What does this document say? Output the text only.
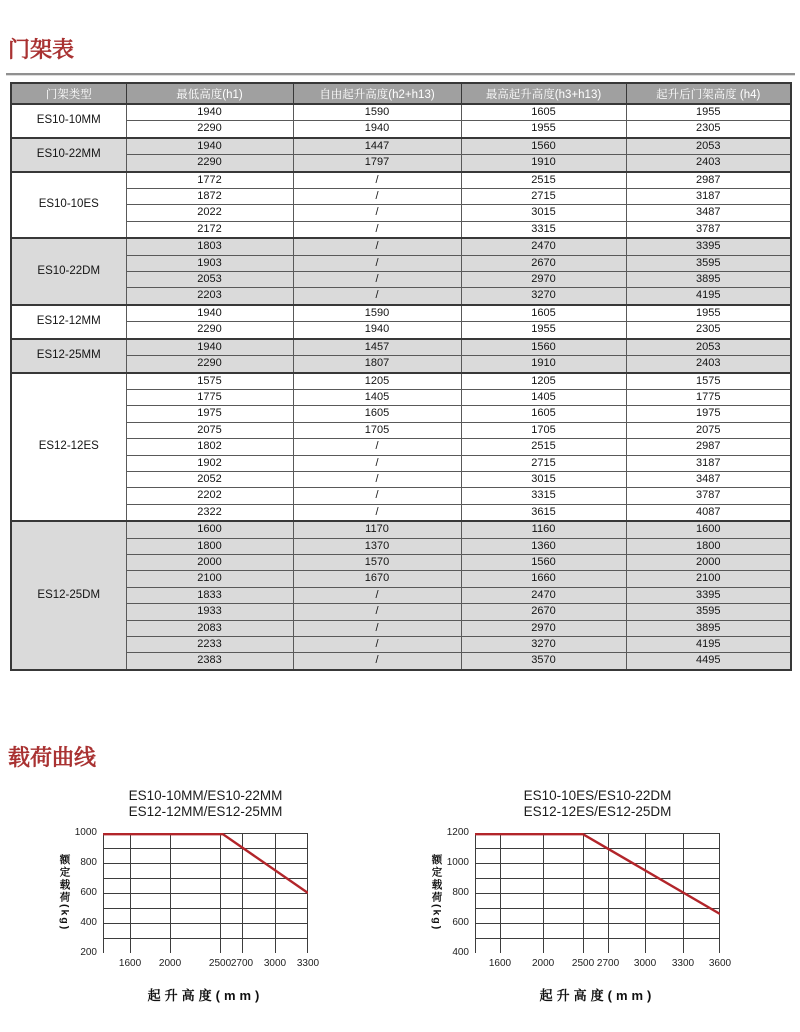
门架表
门架类型	最低高度(h1)	自由起升高度(h2+h13)	最高起升高度(h3+h13)	起升后门架高度 (h4)
ES10-10MM	1940	1590	1605	1955
	2290	1940	1955	2305
ES10-22MM	1940	1447	1560	2053
	2290	1797	1910	2403
ES10-10ES	1772	/	2515	2987
	1872	/	2715	3187
	2022	/	3015	3487
	2172	/	3315	3787
ES10-22DM	1803	/	2470	3395
	1903	/	2670	3595
	2053	/	2970	3895
	2203	/	3270	4195
ES12-12MM	1940	1590	1605	1955
	2290	1940	1955	2305
ES12-25MM	1940	1457	1560	2053
	2290	1807	1910	2403
ES12-12ES	1575	1205	1205	1575
	1775	1405	1405	1775
	1975	1605	1605	1975
	2075	1705	1705	2075
	1802	/	2515	2987
	1902	/	2715	3187
	2052	/	3015	3487
	2202	/	3315	3787
	2322	/	3615	4087
ES12-25DM	1600	1170	1160	1600
	1800	1370	1360	1800
	2000	1570	1560	2000
	2100	1670	1660	2100
	1833	/	2470	3395
	1933	/	2670	3595
	2083	/	2970	3895
	2233	/	3270	4195
	2383	/	3570	4495
载荷曲线
ES10-10MM/ES10-22MM
ES12-12MM/ES12-25MM
额定载荷(kg)
200
400
600
800
1000
1600	2000	2500 2700	3000	3300
起升高度(mm)
ES10-10ES/ES10-22DM
ES12-12ES/ES12-25DM
额定载荷(kg)
400
600
800
1000
1200
1600	2000	2500 2700	3000	3300	3600
起升高度(mm)
